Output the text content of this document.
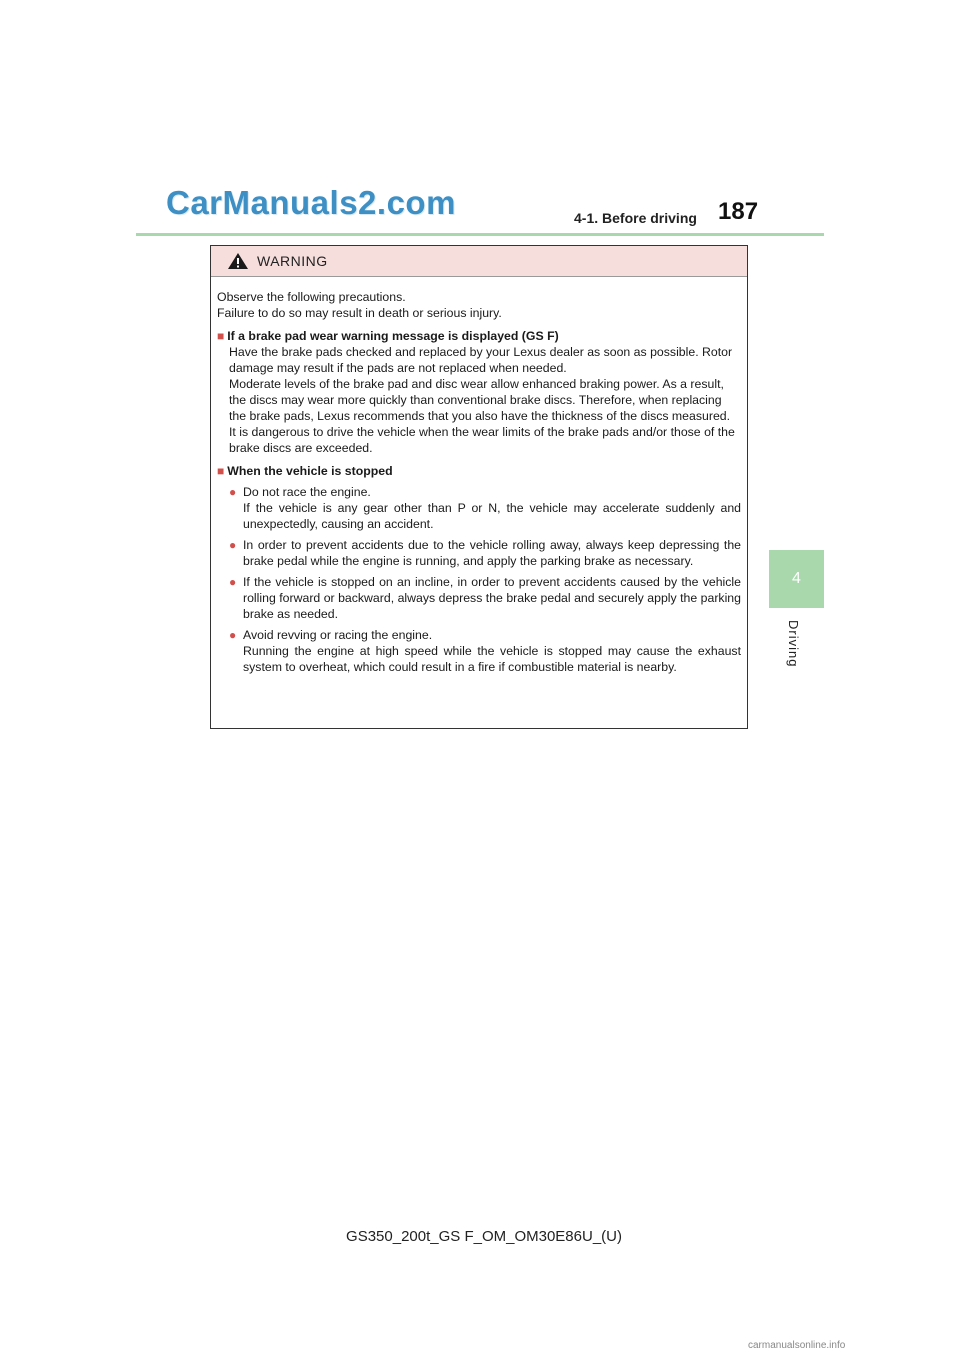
CarManuals2.com	4-1. Before driving 187
4
Driving
WARNING
Observe the following precautions.
Failure to do so may result in death or serious injury.
■ If a brake pad wear warning message is displayed (GS F)
Have the brake pads checked and replaced by your Lexus dealer as soon as possible. Rotor damage may result if the pads are not replaced when needed.
Moderate levels of the brake pad and disc wear allow enhanced braking power. As a result, the discs may wear more quickly than conventional brake discs. Therefore, when replacing the brake pads, Lexus recommends that you also have the thickness of the discs measured.
It is dangerous to drive the vehicle when the wear limits of the brake pads and/or those of the brake discs are exceeded.
■ When the vehicle is stopped
● Do not race the engine.
If the vehicle is any gear other than P or N, the vehicle may accelerate suddenly and unexpectedly, causing an accident.
● In order to prevent accidents due to the vehicle rolling away, always keep depressing the brake pedal while the engine is running, and apply the parking brake as necessary.
● If the vehicle is stopped on an incline, in order to prevent accidents caused by the vehicle rolling forward or backward, always depress the brake pedal and securely apply the parking brake as needed.
● Avoid revving or racing the engine.
Running the engine at high speed while the vehicle is stopped may cause the exhaust system to overheat, which could result in a fire if combustible material is nearby.
GS350_200t_GS F_OM_OM30E86U_(U)
carmanualsonline.info
